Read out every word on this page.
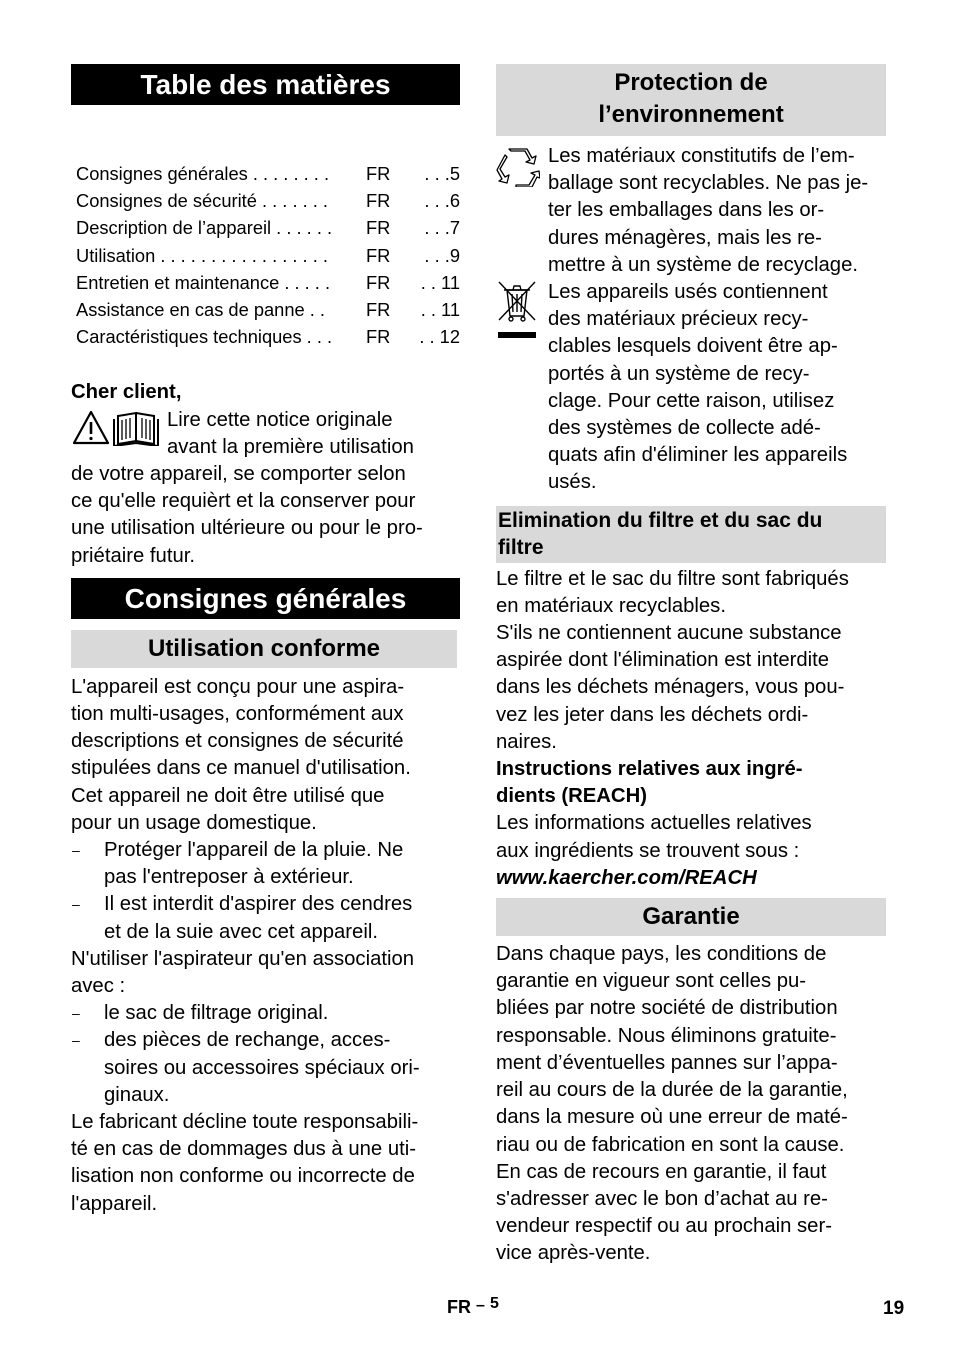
Table des matières
Consignes générales . . . . . . . .	FR	. . .5
Consignes de sécurité . . . . . . .	FR	. . .6
Description de l’appareil . . . . . .	FR	. . .7
Utilisation . . . . . . . . . . . . . . . . .	FR	. . .9
Entretien et maintenance . . . . .	FR	. . 11
Assistance en cas de panne . .	FR	. . 11
Caractéristiques techniques . . .	FR	. . 12
Cher client,
Lire cette notice originale
avant la première utilisation
de votre appareil, se comporter selon
ce qu'elle requièrt et la conserver pour
une utilisation ultérieure ou pour le pro-
priétaire futur.
Consignes générales
Utilisation conforme
L'appareil est conçu pour une aspira-
tion multi-usages, conformément aux
descriptions et consignes de sécurité
stipulées dans ce manuel d'utilisation.
Cet appareil ne doit être utilisé que
pour un usage domestique.
–	Protéger l'appareil de la pluie. Ne
pas l'entreposer à extérieur.
–	Il est interdit d'aspirer des cendres
et de la suie avec cet appareil.
N'utiliser l'aspirateur qu'en association
avec :
–	le sac de filtrage original.
–	des pièces de rechange, acces-
soires ou accessoires spéciaux ori-
ginaux.
Le fabricant décline toute responsabili-
té en cas de dommages dus à une uti-
lisation non conforme ou incorrecte de
l'appareil.
Protection de
l’environnement
Les matériaux constitutifs de l’em-
ballage sont recyclables. Ne pas je-
ter les emballages dans les or-
dures ménagères, mais les re-
mettre à un système de recyclage.
Les appareils usés contiennent
des matériaux précieux recy-
clables lesquels doivent être ap-
portés à un système de recy-
clage. Pour cette raison, utilisez
des systèmes de collecte adé-
quats afin d'éliminer les appareils
usés.
Elimination du filtre et du sac du
filtre
Le filtre et le sac du filtre sont fabriqués
en matériaux recyclables.
S'ils ne contiennent aucune substance
aspirée dont l'élimination est interdite
dans les déchets ménagers, vous pou-
vez les jeter dans les déchets ordi-
naires.
Instructions relatives aux ingré-
dients (REACH)
Les informations actuelles relatives
aux ingrédients se trouvent sous :
www.kaercher.com/REACH
Garantie
Dans chaque pays, les conditions de
garantie en vigueur sont celles pu-
bliées par notre société de distribution
responsable. Nous éliminons gratuite-
ment d’éventuelles pannes sur l’appa-
reil au cours de la durée de la garantie,
dans la mesure où une erreur de maté-
riau ou de fabrication en sont la cause.
En cas de recours en garantie, il faut
s'adresser avec le bon d’achat au re-
vendeur respectif ou au prochain ser-
vice après-vente.
FR – 5	19
